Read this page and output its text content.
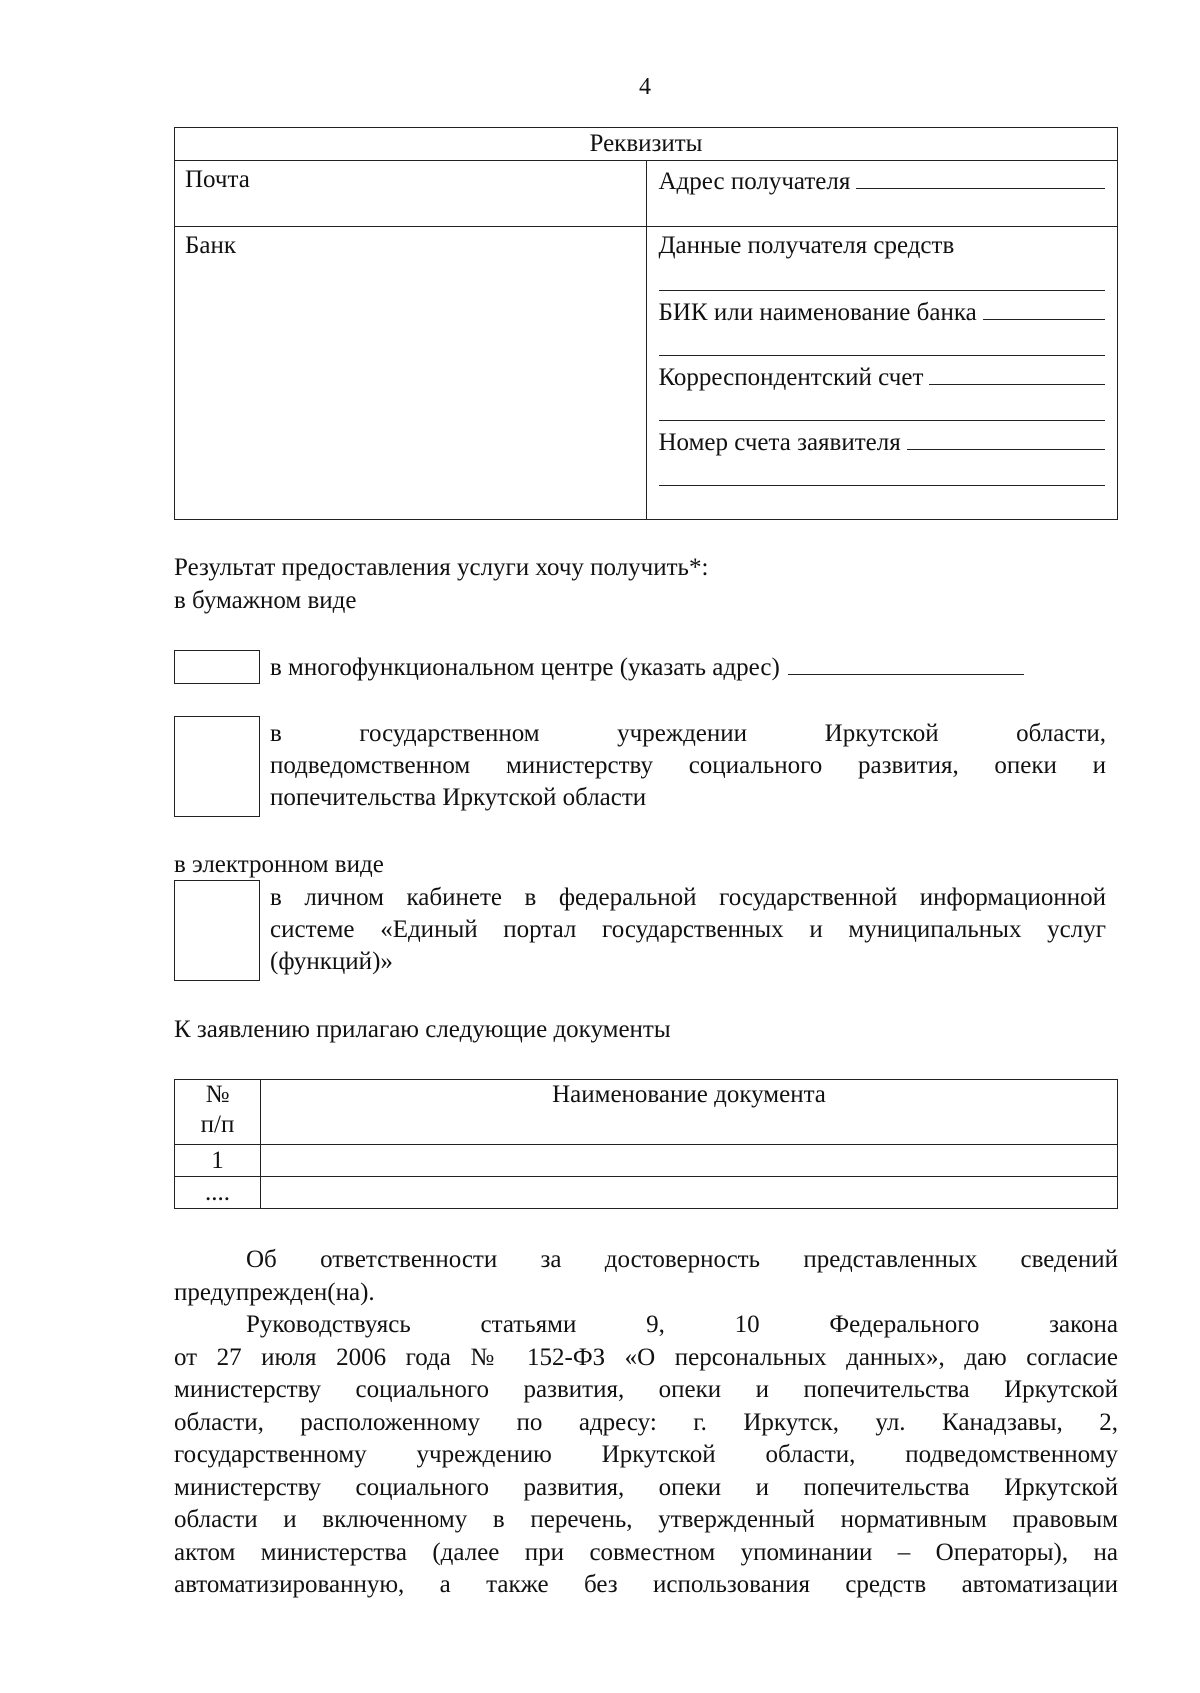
4
Реквизиты	
Почта	Адрес получателя

Банк	Данные получателя средств
БИК или наименование банка
Корреспондентский счет
Номер счета заявителя
Результат предоставления услуги хочу получить*:
в бумажном виде
в многофункциональном центре (указать адрес)
в государственном учреждении Иркутской области,
подведомственном министерству социального развития, опеки и
попечительства Иркутской области
в электронном виде
в личном кабинете в федеральной государственной информационной
системе «Единый портал государственных и муниципальных услуг
(функций)»
К заявлению прилагаю следующие документы
№
п/п	Наименование документа
1	
....	
Об ответственности за достоверность представленных сведений
предупрежден(на).
Руководствуясь статьями 9, 10 Федерального закона
от 27 июля 2006 года № 152-ФЗ «О персональных данных», даю согласие
министерству социального развития, опеки и попечительства Иркутской
области, расположенному по адресу: г. Иркутск, ул. Канадзавы, 2,
государственному учреждению Иркутской области, подведомственному
министерству социального развития, опеки и попечительства Иркутской
области и включенному в перечень, утвержденный нормативным правовым
актом министерства (далее при совместном упоминании – Операторы), на
автоматизированную, а также без использования средств автоматизации
